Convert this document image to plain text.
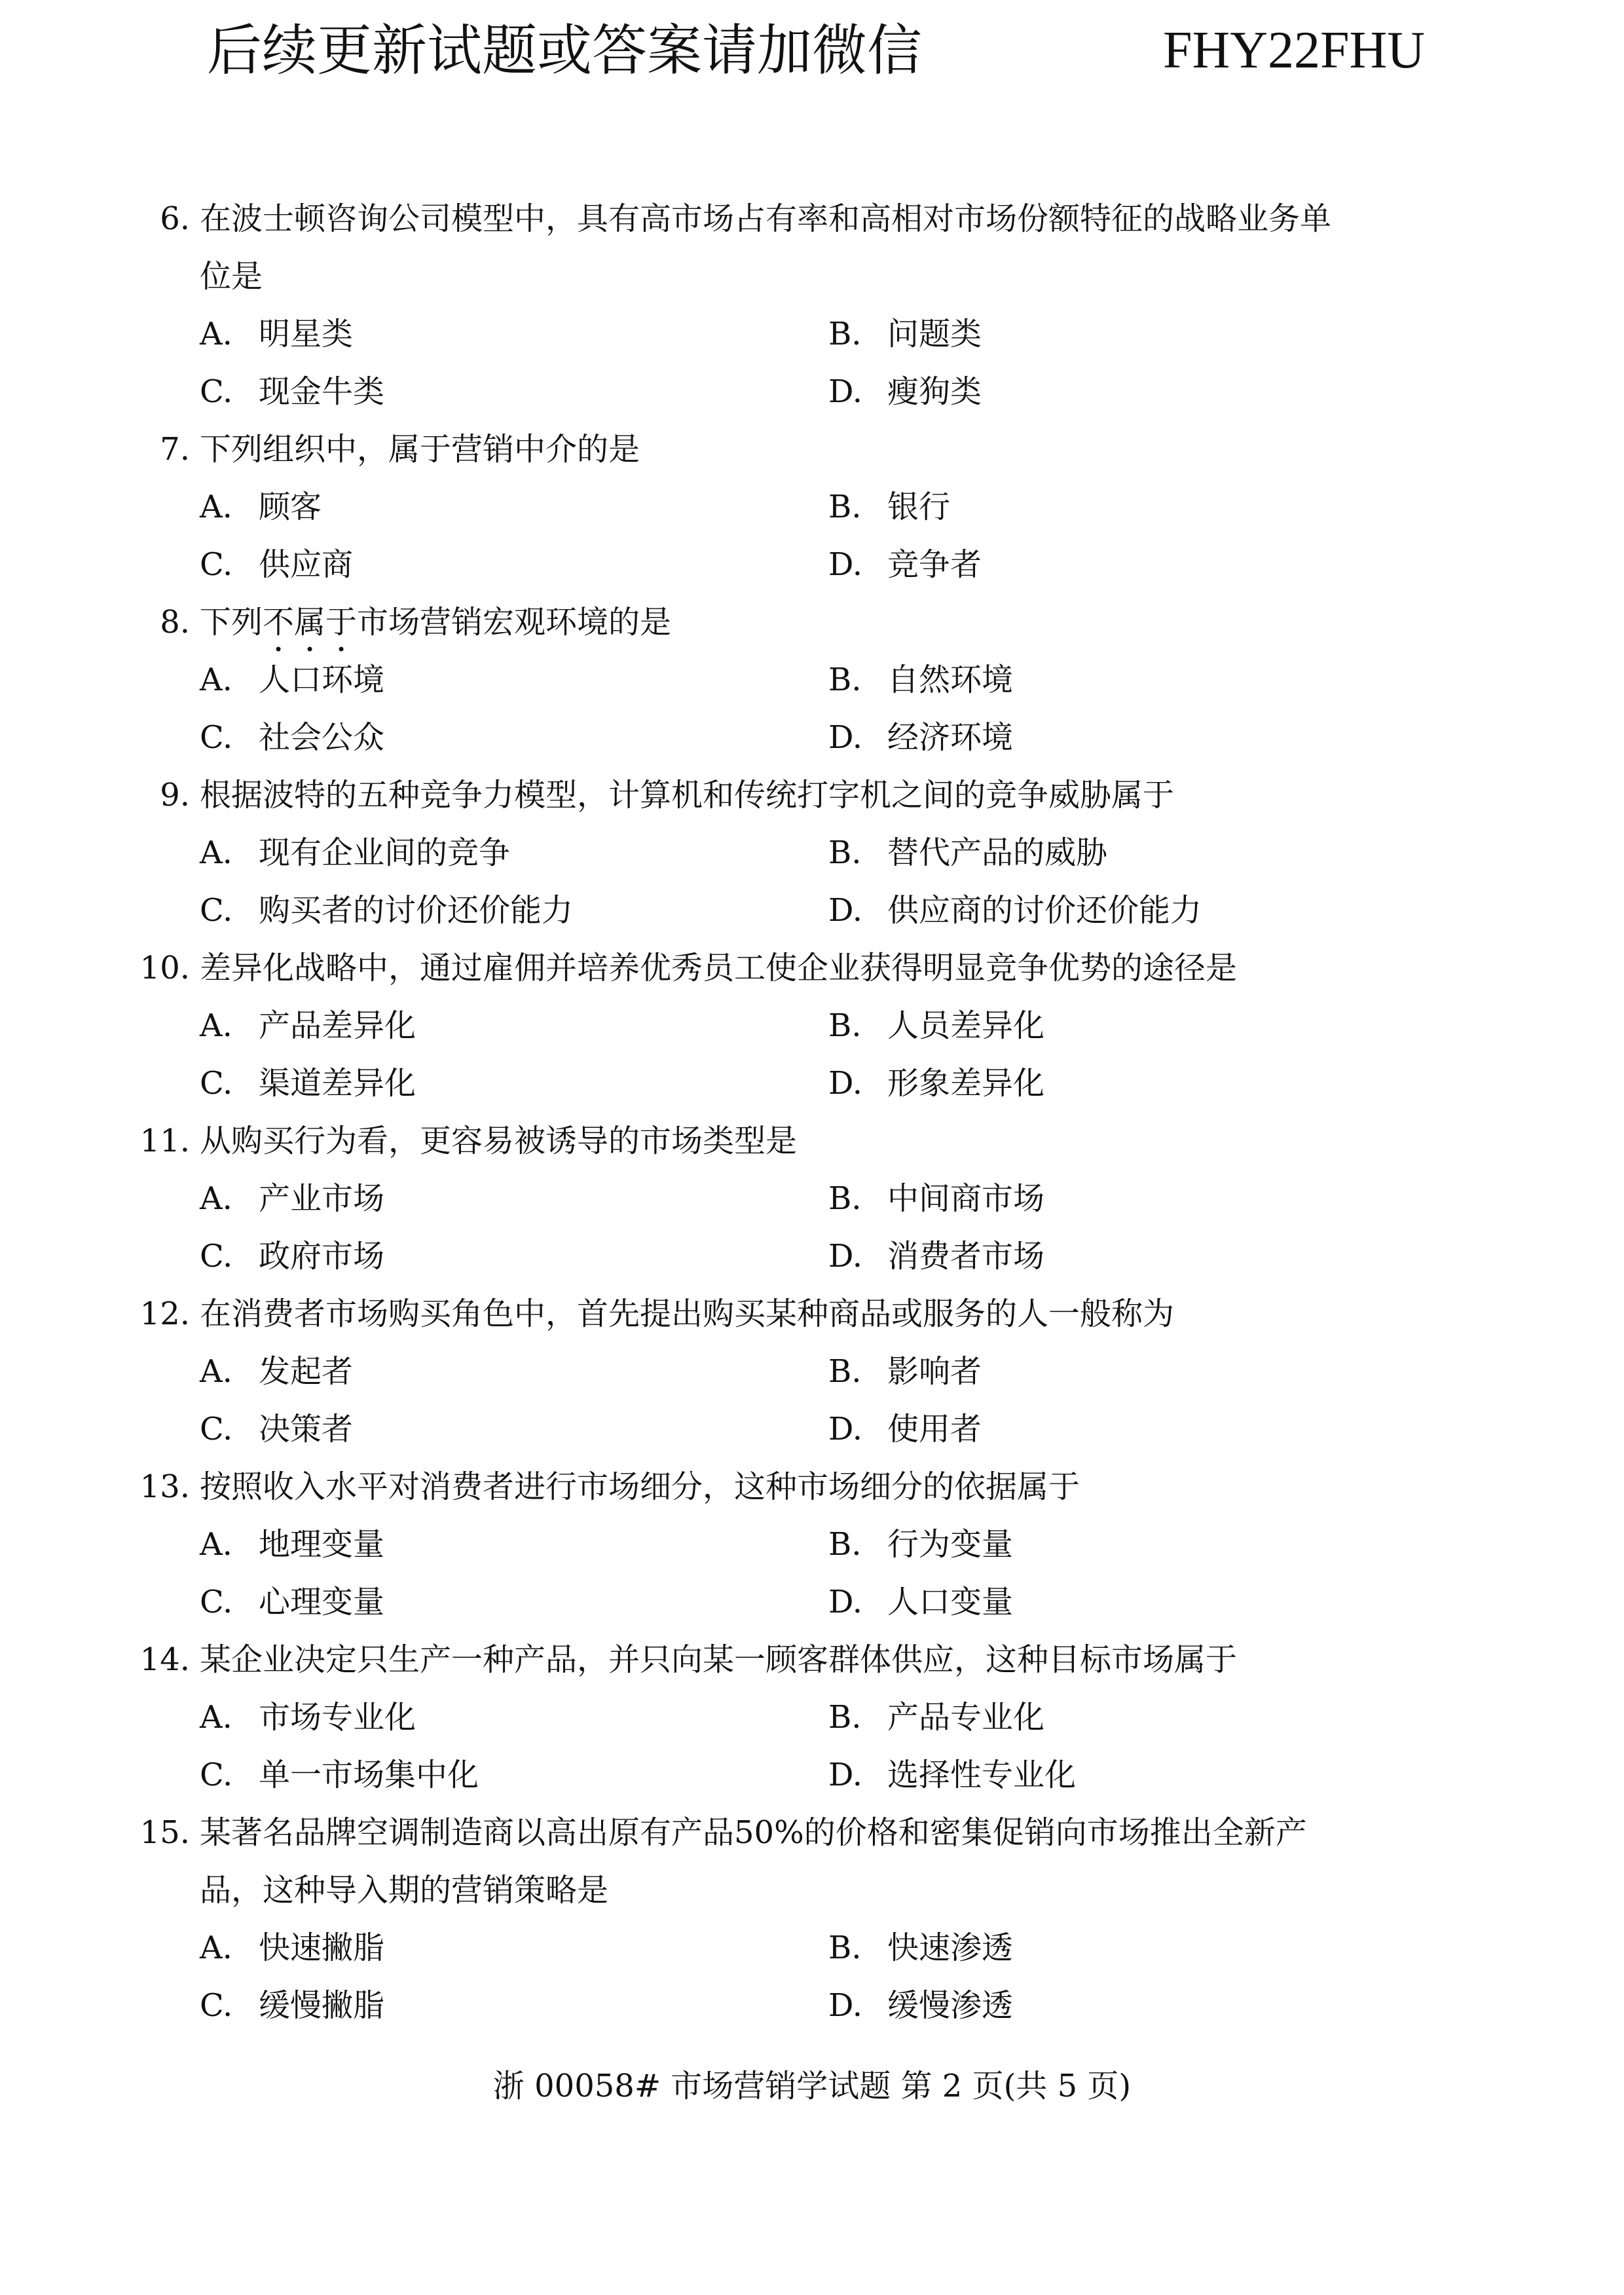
后续更新试题或答案请加微信	FHY22FHU
6. 在波士顿咨询公司模型中，具有高市场占有率和高相对市场份额特征的战略业务单
位是
A. 明星类	B. 问题类
C. 现金牛类	D. 瘦狗类
7. 下列组织中，属于营销中介的是
A. 顾客	B. 银行
C. 供应商	D. 竞争者
8. 下列不属于市场营销宏观环境的是
A. 人口环境	B. 自然环境
C. 社会公众	D. 经济环境
9. 根据波特的五种竞争力模型，计算机和传统打字机之间的竞争威胁属于
A. 现有企业间的竞争	B. 替代产品的威胁
C. 购买者的讨价还价能力	D. 供应商的讨价还价能力
10. 差异化战略中，通过雇佣并培养优秀员工使企业获得明显竞争优势的途径是
A. 产品差异化	B. 人员差异化
C. 渠道差异化	D. 形象差异化
11. 从购买行为看，更容易被诱导的市场类型是
A. 产业市场	B. 中间商市场
C. 政府市场	D. 消费者市场
12. 在消费者市场购买角色中，首先提出购买某种商品或服务的人一般称为
A. 发起者	B. 影响者
C. 决策者	D. 使用者
13. 按照收入水平对消费者进行市场细分，这种市场细分的依据属于
A. 地理变量	B. 行为变量
C. 心理变量	D. 人口变量
14. 某企业决定只生产一种产品，并只向某一顾客群体供应，这种目标市场属于
A. 市场专业化	B. 产品专业化
C. 单一市场集中化	D. 选择性专业化
15. 某著名品牌空调制造商以高出原有产品50%的价格和密集促销向市场推出全新产
品，这种导入期的营销策略是
A. 快速撇脂	B. 快速渗透
C. 缓慢撇脂	D. 缓慢渗透
浙 00058# 市场营销学试题 第 2 页(共 5 页)
